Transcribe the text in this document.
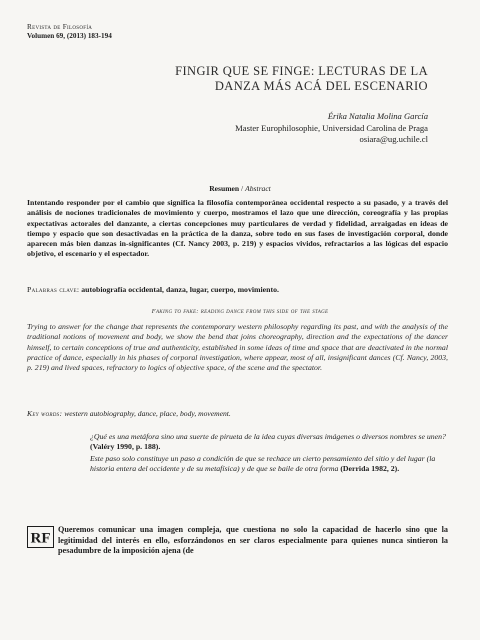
Revista de Filosofía
Volumen 69, (2013) 183-194
FINGIR QUE SE FINGE: LECTURAS DE LA
DANZA MÁS ACÁ DEL ESCENARIO
Érika Natalia Molina García
Master Europhilosophie, Universidad Carolina de Praga
osiara@ug.uchile.cl
Resumen / Abstract
Intentando responder por el cambio que significa la filosofía contemporánea occidental respecto a su pasado, y a través del análisis de nociones tradicionales de movimiento y cuerpo, mostramos el lazo que une dirección, coreografía y las propias expectativas actorales del danzante, a ciertas concepciones muy particulares de verdad y fidelidad, arraigadas en ideas de tiempo y espacio que son desactivadas en la práctica de la danza, sobre todo en sus fases de investigación corporal, donde aparecen más bien danzas in-significantes (Cf. Nancy 2003, p. 219) y espacios vividos, refractarios a las lógicas del espacio objetivo, el escenario y el espectador.
Palabras clave: autobiografía occidental, danza, lugar, cuerpo, movimiento.
Faking to fake: reading dance from this side of the stage
Trying to answer for the change that represents the contemporary western philosophy regarding its past, and with the analysis of the traditional notions of movement and body, we show the bend that joins choreography, direction and the expectations of the dancer himself, to certain conceptions of true and authenticity, established in some ideas of time and space that are deactivated in the normal practice of dance, especially in his phases of corporal investigation, where appear, most of all, insignificant dances (Cf. Nancy, 2003, p. 219) and lived spaces, refractory to logics of objective space, of the scene and the spectator.
Key words: western autobiography, dance, place, body, movement.

¿Qué es una metáfora sino una suerte de pirueta de la idea cuyas diversas imágenes o diversos nombres se unen? (Valéry 1990, p. 188).

Este paso solo constituye un paso a condición de que se rechace un cierto pensamiento del sitio y del lugar (la historia entera del occidente y de su metafísica) y de que se baile de otra forma (Derrida 1982, 2).

RF
Queremos comunicar una imagen compleja, que cuestiona no solo la capacidad de hacerlo sino que la legitimidad del interés en ello, esforzándonos en ser claros especialmente para quienes nunca sintieron la pesadumbre de la imposición ajena (de
